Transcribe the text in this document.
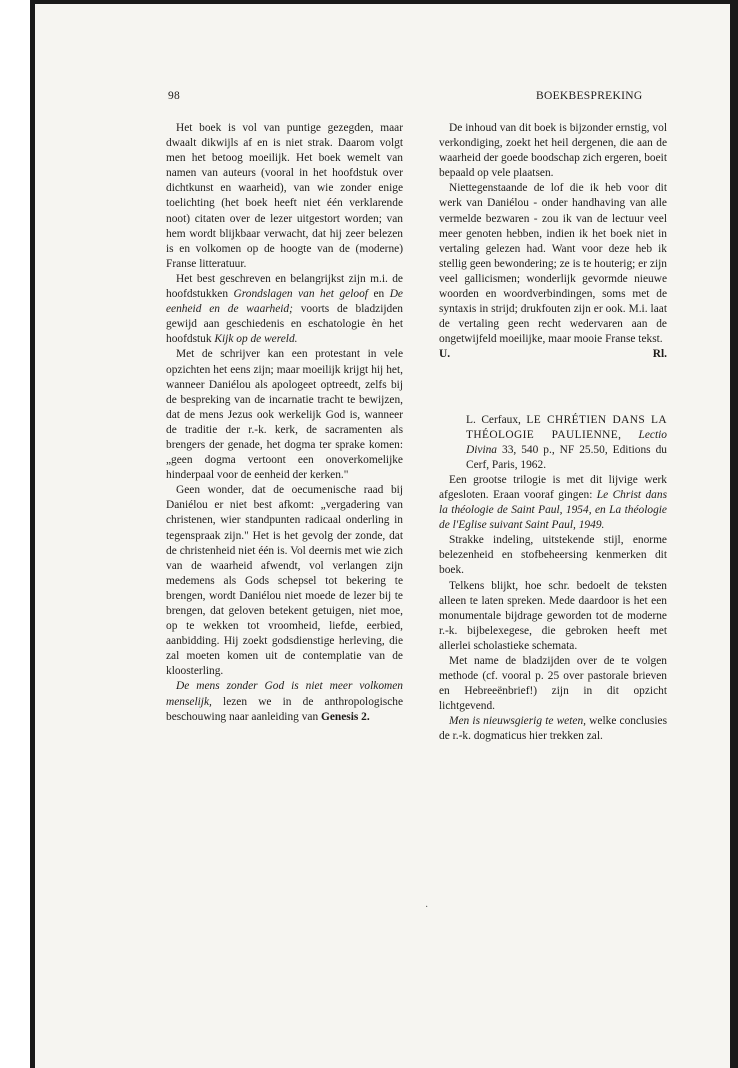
98	BOEKBESPREKING

Het boek is vol van puntige gezegden, maar dwaalt dikwijls af en is niet strak. Daarom volgt men het betoog moeilijk. Het boek wemelt van namen van auteurs (vooral in het hoofdstuk over dichtkunst en waarheid), van wie zonder enige toelichting (het boek heeft niet één verklarende noot) citaten over de lezer uitgestort worden; van hem wordt blijkbaar verwacht, dat hij zeer belezen is en volkomen op de hoogte van de (moderne) Franse litteratuur.

Het best geschreven en belangrijkst zijn m.i. de hoofdstukken Grondslagen van het geloof en De eenheid en de waarheid; voorts de bladzijden gewijd aan geschiedenis en eschatologie èn het hoofdstuk Kijk op de wereld.

Met de schrijver kan een protestant in vele opzichten het eens zijn; maar moeilijk krijgt hij het, wanneer Daniélou als apologeet optreedt, zelfs bij de bespreking van de incarnatie tracht te bewijzen, dat de mens Jezus ook werkelijk God is, wanneer de traditie der r.-k. kerk, de sacramenten als brengers der genade, het dogma ter sprake komen: „geen dogma vertoont een onoverkomelijke hinderpaal voor de eenheid der kerken."

Geen wonder, dat de oecumenische raad bij Daniélou er niet best afkomt: „vergadering van christenen, wier standpunten radicaal onderling in tegenspraak zijn." Het is het gevolg der zonde, dat de christenheid niet één is. Vol deernis met wie zich van de waarheid afwendt, vol verlangen zijn medemens als Gods schepsel tot bekering te brengen, wordt Daniélou niet moede de lezer bij te brengen, dat geloven betekent getuigen, niet moe, op te wekken tot vroomheid, liefde, eerbied, aanbidding. Hij zoekt godsdienstige herleving, die zal moeten komen uit de contemplatie van de kloosterling.

De mens zonder God is niet meer volkomen menselijk, lezen we in de anthropologische beschouwing naar aanleiding van Genesis 2.

De inhoud van dit boek is bijzonder ernstig, vol verkondiging, zoekt het heil dergenen, die aan de waarheid der goede boodschap zich ergeren, boeit bepaald op vele plaatsen.

Niettegenstaande de lof die ik heb voor dit werk van Daniélou - onder handhaving van alle vermelde bezwaren - zou ik van de lectuur veel meer genoten hebben, indien ik het boek niet in vertaling gelezen had. Want voor deze heb ik stellig geen bewondering; ze is te houterig; er zijn veel gallicismen; wonderlijk gevormde nieuwe woorden en woordverbindingen, soms met de syntaxis in strijd; drukfouten zijn er ook. M.i. laat de vertaling geen recht wedervaren aan de ongetwijfeld moeilijke, maar mooie Franse tekst.

U.	Rl.

L. Cerfaux, LE CHRÉTIEN DANS LA THÉOLOGIE PAULIENNE, Lectio Divina 33, 540 p., NF 25.50, Editions du Cerf, Paris, 1962.

Een grootse trilogie is met dit lijvige werk afgesloten. Eraan vooraf gingen: Le Christ dans la théologie de Saint Paul, 1954, en La théologie de l'Eglise suivant Saint Paul, 1949.

Strakke indeling, uitstekende stijl, enorme belezenheid en stofbeheersing kenmerken dit boek.

Telkens blijkt, hoe schr. bedoelt de teksten alleen te laten spreken. Mede daardoor is het een monumentale bijdrage geworden tot de moderne r.-k. bijbelexegese, die gebroken heeft met allerlei scholastieke schemata.

Met name de bladzijden over de te volgen methode (cf. vooral p. 25 over pastorale brieven en Hebreeënbrief!) zijn in dit opzicht lichtgevend.

Men is nieuwsgierig te weten, welke conclusies de r.-k. dogmaticus hier trekken zal.

·
